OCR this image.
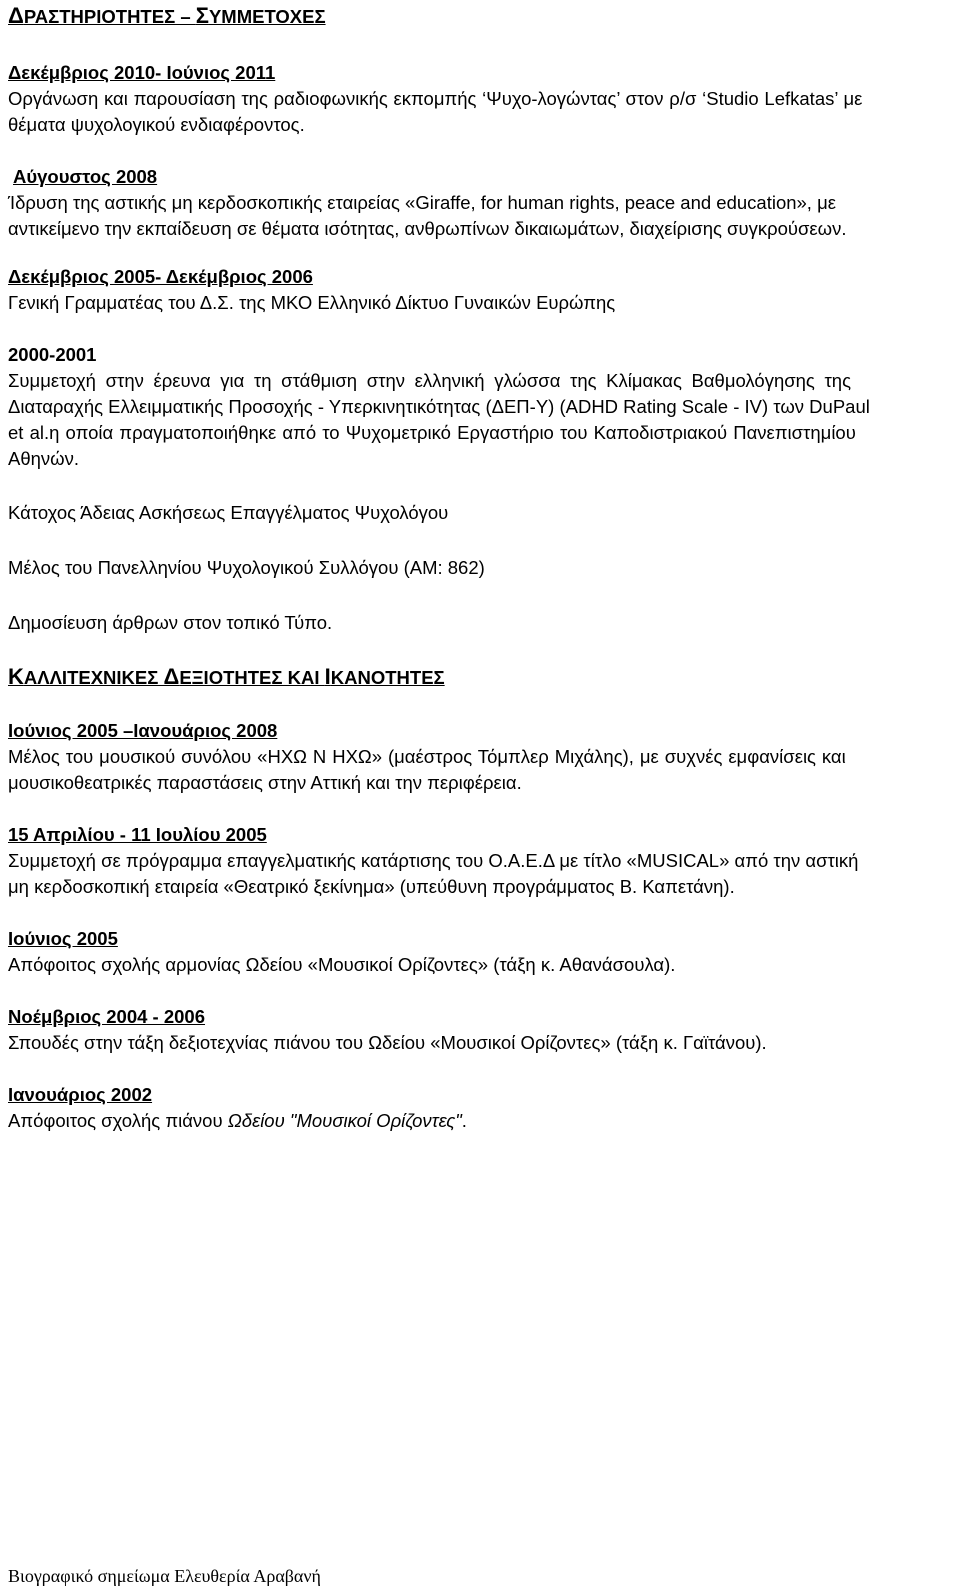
ΔΡΑΣΤΗΡΙΟΤΗΤΕΣ – ΣΥΜΜΕΤΟΧΕΣ
Δεκέμβριος 2010- Ιούνιος 2011
Οργάνωση και παρουσίαση της ραδιοφωνικής εκπομπής ‘Ψυχο-λογώντας’ στον ρ/σ ‘Studio Lefkatas’ με
θέματα ψυχολογικού ενδιαφέροντος.
Αύγουστος 2008
Ίδρυση της αστικής μη κερδοσκοπικής εταιρείας «Giraffe, for human rights, peace and education», με
αντικείμενο την εκπαίδευση σε θέματα ισότητας, ανθρωπίνων δικαιωμάτων, διαχείρισης συγκρούσεων.
Δεκέμβριος 2005- Δεκέμβριος 2006
Γενική Γραμματέας του Δ.Σ. της ΜΚΟ Ελληνικό Δίκτυο Γυναικών Ευρώπης
2000-2001
Συμμετοχή στην έρευνα για τη στάθμιση στην ελληνική γλώσσα της Κλίμακας Βαθμολόγησης της
Διαταραχής Ελλειμματικής Προσοχής - Υπερκινητικότητας (ΔΕΠ-Υ) (ADHD Rating Scale - IV) των DuPaul
et al.η οποία πραγματοποιήθηκε από το Ψυχομετρικό Εργαστήριο του Καποδιστριακού Πανεπιστημίου
Αθηνών.
Κάτοχος Άδειας Ασκήσεως Επαγγέλματος Ψυχολόγου
Μέλος του Πανελληνίου Ψυχολογικού Συλλόγου (ΑΜ: 862)
Δημοσίευση άρθρων στον τοπικό Τύπο.
ΚΑΛΛΙΤΕΧΝΙΚΕΣ ΔΕΞΙΟΤΗΤΕΣ ΚΑΙ ΙΚΑΝΟΤΗΤΕΣ
Ιούνιος 2005 –Ιανουάριος 2008
Μέλος του μουσικού συνόλου «ΗΧΩ Ν ΗΧΩ» (μαέστρος Τόμπλερ Μιχάλης), με συχνές εμφανίσεις και
μουσικοθεατρικές παραστάσεις στην Αττική και την περιφέρεια.
15 Απριλίου - 11 Ιουλίου 2005
Συμμετοχή σε πρόγραμμα επαγγελματικής κατάρτισης του Ο.Α.Ε.Δ με τίτλο «MUSICAL» από την αστική
μη κερδοσκοπική εταιρεία «Θεατρικό ξεκίνημα» (υπεύθυνη προγράμματος Β. Καπετάνη).
Ιούνιος 2005
Απόφοιτος σχολής αρμονίας Ωδείου «Μουσικοί Ορίζοντες» (τάξη κ. Αθανάσουλα).
Νοέμβριος 2004 - 2006
Σπουδές στην τάξη δεξιοτεχνίας πιάνου του Ωδείου «Μουσικοί Ορίζοντες» (τάξη κ. Γαϊτάνου).
Ιανουάριος 2002
Απόφοιτος σχολής πιάνου Ωδείου "Μουσικοί Ορίζοντες".
Βιογραφικό σημείωμα Ελευθερία Αραβανή
